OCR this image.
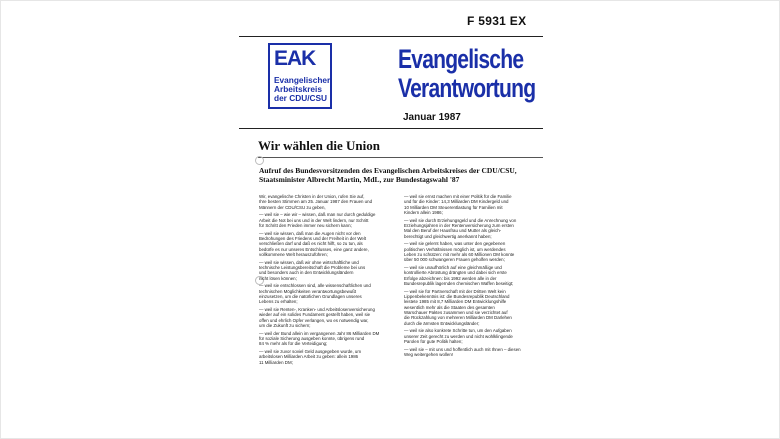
F 5931 EX
EAK
Evangelischer
Arbeitskreis
der CDU/CSU
Evangelische
Verantwortung
Januar 1987
Wir wählen die Union
Aufruf des Bundesvorsitzenden des Evangelischen Arbeitskreises der CDU/CSU, Staatsminister Albrecht Martin, MdL, zur Bundestagswahl '87

Wir, evangelische Christen in der Union, rufen Sie auf,
Ihre besten Stimmen am 25. Januar 1987 den Frauen und
Männern der CDU/CSU zu geben,

— weil sie – wie wir – wissen, daß man nur durch geduldige
Arbeit die Not bei uns und in der Welt lindern, nur Schritt
für Schritt den Frieden immer neu sichern kann;

— weil sie wissen, daß man die Augen nicht vor den
Bedrohungen des Friedens und der Freiheit in der Welt
verschließen darf und daß es nicht hilft, so zu tun, als
bedürfe es nur unseres Entschlusses, eine ganz andere,
vollkommene Welt herauszuführen;

— weil sie wissen, daß wir ohne wirtschaftliche und
technische Leistungsbereitschaft die Probleme bei uns
und besonders auch in den Entwicklungsländern
nicht lösen können;

— weil sie entschlossen sind, alle wissenschaftlichen und
technischen Möglichkeiten verantwortungsbewußt
einzusetzen, um die natürlichen Grundlagen unseres
Lebens zu erhalten;

— weil sie Renten-, Kranken- und Arbeitslosenversicherung
wieder auf ein solides Fundament gestellt haben, weil sie
offen und ehrlich Opfer verlangen, wo es notwendig war,
um die Zukunft zu sichern;

— weil der Bund allein im vergangenen Jahr 86 Milliarden DM
für soziale Sicherung ausgeben konnte, übrigens rund
84 % mehr als für die Verteidigung;

— weil sie zuvor soviel Geld ausgegeben wurde, um
arbeitslosen Milliarden Arbeit zu geben: allein 1986
11 Milliarden DM;

— weil sie ernst machen mit einer Politik für die Familie
und für die Kinder: 14,3 Milliarden DM Kindergeld und
10 Milliarden DM Steuerentlastung für Familien mit
Kindern allein 1986;

— weil sie durch Erziehungsgeld und die Anrechnung von
Erziehungsjahren in der Rentenversicherung zum ersten
Mal den Beruf der Hausfrau und Mutter als gleich-
berechtigt und gleichwertig anerkannt haben;

— weil sie gelernt haben, was unter den gegebenen
politischen Verhältnissen möglich ist, um werdendes
Leben zu schützen: mit mehr als 60 Millionen DM konnte
über 50 000 schwangeren Frauen geholfen werden;

— weil sie unaufhörlich auf eine gleichmäßige und
kontrollierte Abrüstung drängten und dabei sich erste
Erfolge abzeichnen: bis 1992 werden alle in der
Bundesrepublik lagernden chemischen Waffen beseitigt;

— weil sie für Partnerschaft mit der Dritten Welt kein
Lippenbekenntnis ist: die Bundesrepublik Deutschland
leistete 1985 mit 8,7 Milliarden DM Entwicklungshilfe
wesentlich mehr als die Staaten des gesamten
Warschauer Paktes zusammen und sie verzichtet auf
die Rückzahlung von mehreren Milliarden DM Darlehen
durch die ärmsten Entwicklungsländer;

— weil sie also konkrete Schritte tun, um den Aufgaben
unserer Zeit gerecht zu werden und nicht wohlklingende
Parolen für gute Politik halten;

— weil sie – mit uns und hoffentlich auch mit Ihnen – diesen
Weg weitergehen wollen!
